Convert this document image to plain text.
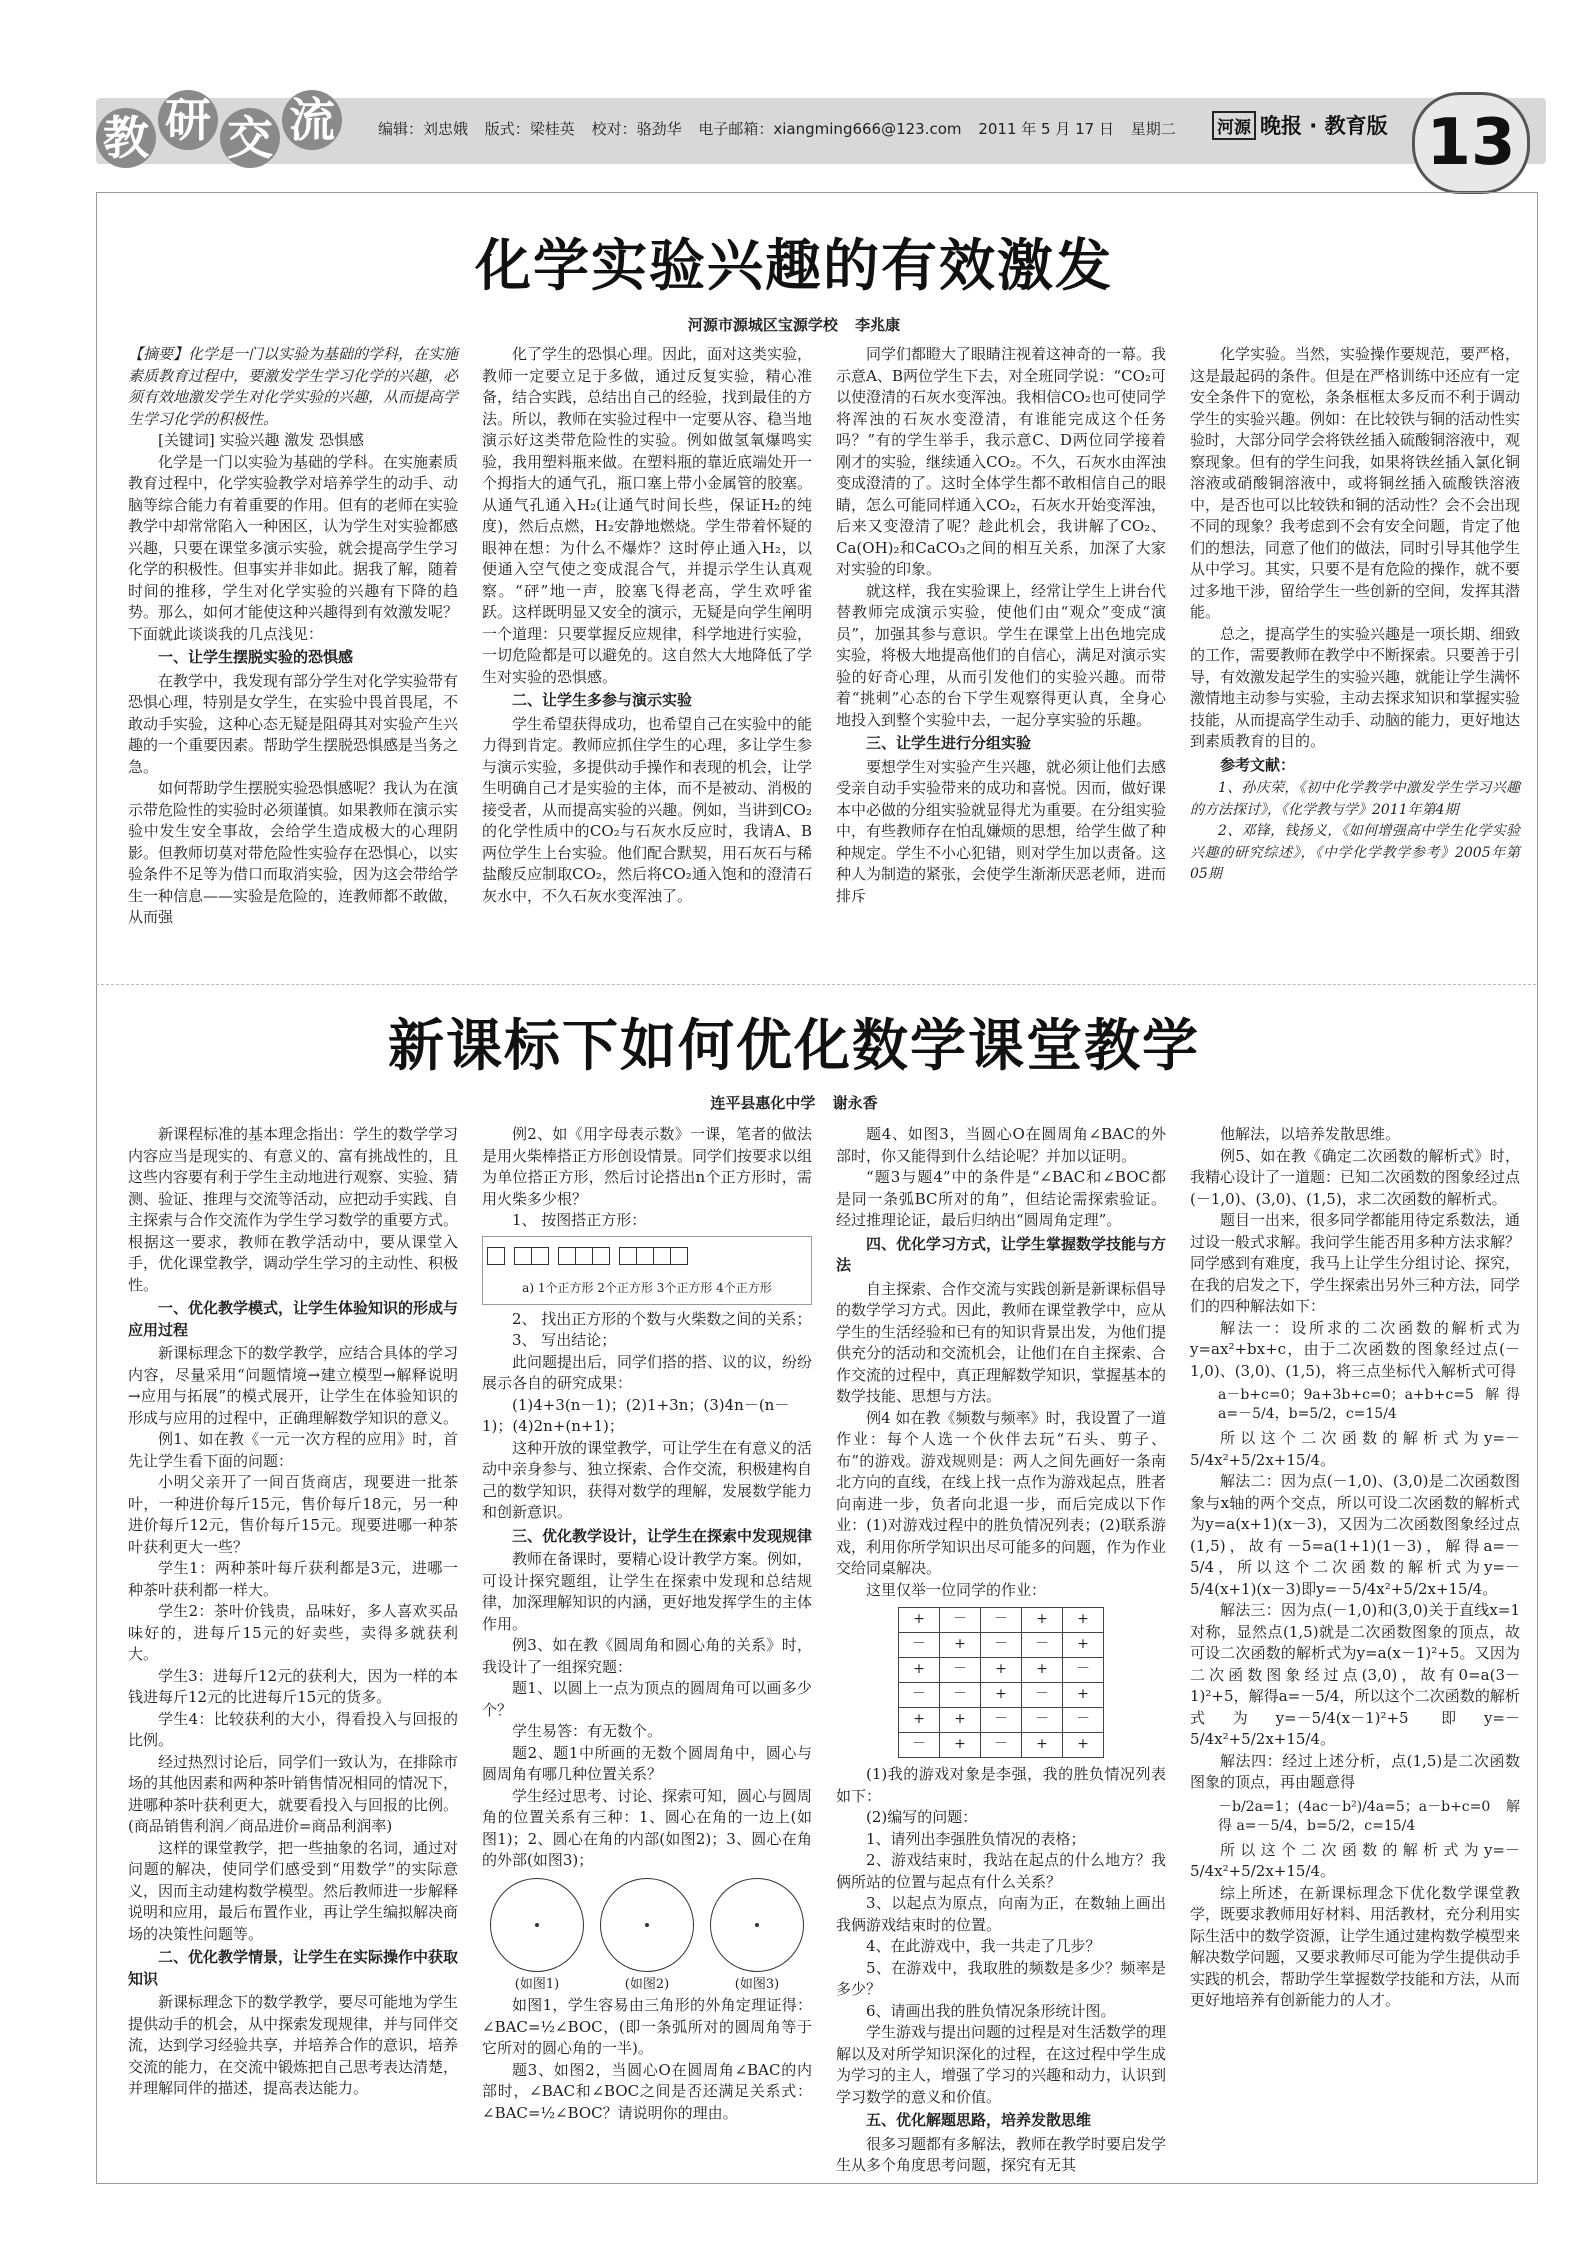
教 研 交 流	编辑：刘忠娥 版式：梁桂英 校对：骆劲华 电子邮箱：xiangming666@123.com 2011 年 5 月 17 日 星期二	河源 晚报 · 教育版 13
化学实验兴趣的有效激发
河源市源城区宝源学校 李兆康

【摘要】化学是一门以实验为基础的学科，在实施素质教育过程中，要激发学生学习化学的兴趣，必须有效地激发学生对化学实验的兴趣，从而提高学生学习化学的积极性。

[关键词] 实验兴趣 激发 恐惧感

化学是一门以实验为基础的学科。在实施素质教育过程中，化学实验教学对培养学生的动手、动脑等综合能力有着重要的作用。但有的老师在实验教学中却常常陷入一种困区，认为学生对实验都感兴趣，只要在课堂多演示实验，就会提高学生学习化学的积极性。但事实并非如此。据我了解，随着时间的推移，学生对化学实验的兴趣有下降的趋势。那么，如何才能使这种兴趣得到有效激发呢？下面就此谈谈我的几点浅见：

一、让学生摆脱实验的恐惧感

在教学中，我发现有部分学生对化学实验带有恐惧心理，特别是女学生，在实验中畏首畏尾，不敢动手实验，这种心态无疑是阻碍其对实验产生兴趣的一个重要因素。帮助学生摆脱恐惧感是当务之急。

如何帮助学生摆脱实验恐惧感呢？我认为在演示带危险性的实验时必须谨慎。如果教师在演示实验中发生安全事故，会给学生造成极大的心理阴影。但教师切莫对带危险性实验存在恐惧心，以实验条件不足等为借口而取消实验，因为这会带给学生一种信息——实验是危险的，连教师都不敢做，从而强

化了学生的恐惧心理。因此，面对这类实验，教师一定要立足于多做，通过反复实验，精心准备，结合实践，总结出自己的经验，找到最佳的方法。所以，教师在实验过程中一定要从容、稳当地演示好这类带危险性的实验。例如做氢氧爆鸣实验，我用塑料瓶来做。在塑料瓶的靠近底端处开一个拇指大的通气孔，瓶口塞上带小金属管的胶塞。从通气孔通入H₂(让通气时间长些，保证H₂的纯度)，然后点燃，H₂安静地燃烧。学生带着怀疑的眼神在想：为什么不爆炸？这时停止通入H₂，以便通入空气使之变成混合气，并提示学生认真观察。“砰”地一声，胶塞飞得老高，学生欢呼雀跃。这样既明显又安全的演示，无疑是向学生阐明一个道理：只要掌握反应规律，科学地进行实验，一切危险都是可以避免的。这自然大大地降低了学生对实验的恐惧感。

二、让学生多参与演示实验

学生希望获得成功，也希望自己在实验中的能力得到肯定。教师应抓住学生的心理，多让学生参与演示实验，多提供动手操作和表现的机会，让学生明确自己才是实验的主体，而不是被动、消极的接受者，从而提高实验的兴趣。例如，当讲到CO₂的化学性质中的CO₂与石灰水反应时，我请A、B两位学生上台实验。他们配合默契，用石灰石与稀盐酸反应制取CO₂，然后将CO₂通入饱和的澄清石灰水中，不久石灰水变浑浊了。

同学们都瞪大了眼睛注视着这神奇的一幕。我示意A、B两位学生下去，对全班同学说：“CO₂可以使澄清的石灰水变浑浊。我相信CO₂也可使同学将浑浊的石灰水变澄清，有谁能完成这个任务吗？”有的学生举手，我示意C、D两位同学接着刚才的实验，继续通入CO₂。不久，石灰水由浑浊变成澄清的了。这时全体学生都不敢相信自己的眼睛，怎么可能同样通入CO₂，石灰水开始变浑浊，后来又变澄清了呢？趁此机会，我讲解了CO₂、Ca(OH)₂和CaCO₃之间的相互关系，加深了大家对实验的印象。

就这样，我在实验课上，经常让学生上讲台代替教师完成演示实验，使他们由“观众”变成“演员”，加强其参与意识。学生在课堂上出色地完成实验，将极大地提高他们的自信心，满足对演示实验的好奇心理，从而引发他们的实验兴趣。而带着“挑刺”心态的台下学生观察得更认真，全身心地投入到整个实验中去，一起分享实验的乐趣。

三、让学生进行分组实验

要想学生对实验产生兴趣，就必须让他们去感受亲自动手实验带来的成功和喜悦。因而，做好课本中必做的分组实验就显得尤为重要。在分组实验中，有些教师存在怕乱嫌烦的思想，给学生做了种种规定。学生不小心犯错，则对学生加以责备。这种人为制造的紧张，会使学生渐渐厌恶老师，进而排斥

化学实验。当然，实验操作要规范，要严格，这是最起码的条件。但是在严格训练中还应有一定安全条件下的宽松，条条框框太多反而不利于调动学生的实验兴趣。例如：在比较铁与铜的活动性实验时，大部分同学会将铁丝插入硫酸铜溶液中，观察现象。但有的学生问我，如果将铁丝插入氯化铜溶液或硝酸铜溶液中，或将铜丝插入硫酸铁溶液中，是否也可以比较铁和铜的活动性？会不会出现不同的现象？我考虑到不会有安全问题，肯定了他们的想法，同意了他们的做法，同时引导其他学生从中学习。其实，只要不是有危险的操作，就不要过多地干涉，留给学生一些创新的空间，发挥其潜能。

总之，提高学生的实验兴趣是一项长期、细致的工作，需要教师在教学中不断探索。只要善于引导，有效激发起学生的实验兴趣，就能让学生满怀激情地主动参与实验，主动去探求知识和掌握实验技能，从而提高学生动手、动脑的能力，更好地达到素质教育的目的。

参考文献：

1、孙庆荣，《初中化学教学中激发学生学习兴趣的方法探讨》，《化学教与学》2011年第4期

2、邓锋，钱扬义，《如何增强高中学生化学实验兴趣的研究综述》，《中学化学教学参考》2005年第05期

新课标下如何优化数学课堂教学
连平县惠化中学 谢永香

新课程标准的基本理念指出：学生的数学学习内容应当是现实的、有意义的、富有挑战性的，且这些内容要有利于学生主动地进行观察、实验、猜测、验证、推理与交流等活动，应把动手实践、自主探索与合作交流作为学生学习数学的重要方式。根据这一要求，教师在教学活动中，要从课堂入手，优化课堂教学，调动学生学习的主动性、积极性。

一、优化教学模式，让学生体验知识的形成与应用过程

新课标理念下的数学教学，应结合具体的学习内容，尽量采用“问题情境→建立模型→解释说明→应用与拓展”的模式展开，让学生在体验知识的形成与应用的过程中，正确理解数学知识的意义。

例1、如在教《一元一次方程的应用》时，首先让学生看下面的问题：

小明父亲开了一间百货商店，现要进一批茶叶，一种进价每斤15元，售价每斤18元，另一种进价每斤12元，售价每斤15元。现要进哪一种茶叶获利更大一些？

学生1：两种茶叶每斤获利都是3元，进哪一种茶叶获利都一样大。

学生2：茶叶价钱贵，品味好，多人喜欢买品味好的，进每斤15元的好卖些，卖得多就获利大。

学生3：进每斤12元的获利大，因为一样的本钱进每斤12元的比进每斤15元的货多。

学生4：比较获利的大小，得看投入与回报的比例。

经过热烈讨论后，同学们一致认为，在排除市场的其他因素和两种茶叶销售情况相同的情况下，进哪种茶叶获利更大，就要看投入与回报的比例。(商品销售利润／商品进价=商品利润率)

这样的课堂教学，把一些抽象的名词，通过对问题的解决，使同学们感受到“用数学”的实际意义，因而主动建构数学模型。然后教师进一步解释说明和应用，最后布置作业，再让学生编拟解决商场的决策性问题等。

二、优化教学情景，让学生在实际操作中获取知识

新课标理念下的数学教学，要尽可能地为学生提供动手的机会，从中探索发现规律，并与同伴交流，达到学习经验共享，并培养合作的意识，培养交流的能力，在交流中锻炼把自己思考表达清楚，并理解同伴的描述，提高表达能力。

例2、如《用字母表示数》一课，笔者的做法是用火柴棒搭正方形创设情景。同学们按要求以组为单位搭正方形，然后讨论搭出n个正方形时，需用火柴多少根？

1、 按图搭正方形：

a) 1个正方形 2个正方形 3个正方形 4个正方形

2、 找出正方形的个数与火柴数之间的关系；

3、 写出结论；

此问题提出后，同学们搭的搭、议的议，纷纷展示各自的研究成果：

(1)4+3(n－1)；(2)1+3n；(3)4n－(n－1)；(4)2n+(n+1)；

这种开放的课堂教学，可让学生在有意义的活动中亲身参与、独立探索、合作交流，积极建构自己的数学知识，获得对数学的理解，发展数学能力和创新意识。

三、优化教学设计，让学生在探索中发现规律

教师在备课时，要精心设计教学方案。例如，可设计探究题组，让学生在探索中发现和总结规律，加深理解知识的内涵，更好地发挥学生的主体作用。

例3、如在教《圆周角和圆心角的关系》时，我设计了一组探究题：

题1、以圆上一点为顶点的圆周角可以画多少个？

学生易答：有无数个。

题2、题1中所画的无数个圆周角中，圆心与圆周角有哪几种位置关系？

学生经过思考、讨论、探索可知，圆心与圆周角的位置关系有三种：1、圆心在角的一边上(如图1)；2、圆心在角的内部(如图2)；3、圆心在角的外部(如图3)；

(如图1)	(如图2)	(如图3)

如图1，学生容易由三角形的外角定理证得：∠BAC=½∠BOC，(即一条弧所对的圆周角等于它所对的圆心角的一半)。

题3、如图2，当圆心O在圆周角∠BAC的内部时，∠BAC和∠BOC之间是否还满足关系式：∠BAC=½∠BOC？请说明你的理由。

题4、如图3，当圆心O在圆周角∠BAC的外部时，你又能得到什么结论呢？并加以证明。

“题3与题4”中的条件是“∠BAC和∠BOC都是同一条弧BC所对的角”，但结论需探索验证。经过推理论证，最后归纳出“圆周角定理”。

四、优化学习方式，让学生掌握数学技能与方法

自主探索、合作交流与实践创新是新课标倡导的数学学习方式。因此，教师在课堂教学中，应从学生的生活经验和已有的知识背景出发，为他们提供充分的活动和交流机会，让他们在自主探索、合作交流的过程中，真正理解数学知识，掌握基本的数学技能、思想与方法。

例4 如在教《频数与频率》时，我设置了一道作业：每个人选一个伙伴去玩“石头、剪子、布”的游戏。游戏规则是：两人之间先画好一条南北方向的直线，在线上找一点作为游戏起点，胜者向南进一步，负者向北退一步，而后完成以下作业：(1)对游戏过程中的胜负情况列表；(2)联系游戏，利用你所学知识出尽可能多的问题，作为作业交给同桌解决。

这里仅举一位同学的作业：

+	－	－	+	+
－	+	－	－	+
+	－	+	+	－
－	－	+	－	+
+	+	－	－	－
－	+	－	+	+

(1)我的游戏对象是李强，我的胜负情况列表如下：

(2)编写的问题：

1、请列出李强胜负情况的表格；

2、游戏结束时，我站在起点的什么地方？我俩所站的位置与起点有什么关系？

3、以起点为原点，向南为正，在数轴上画出我俩游戏结束时的位置。

4、在此游戏中，我一共走了几步？

5、在游戏中，我取胜的频数是多少？频率是多少？

6、请画出我的胜负情况条形统计图。

学生游戏与提出问题的过程是对生活数学的理解以及对所学知识深化的过程，在这过程中学生成为学习的主人，增强了学习的兴趣和动力，认识到学习数学的意义和价值。

五、优化解题思路，培养发散思维

很多习题都有多解法，教师在教学时要启发学生从多个角度思考问题，探究有无其

他解法，以培养发散思维。

例5、如在教《确定二次函数的解析式》时，我精心设计了一道题：已知二次函数的图象经过点(－1,0)、(3,0)、(1,5)，求二次函数的解析式。

题目一出来，很多同学都能用待定系数法，通过设一般式求解。我问学生能否用多种方法求解？同学感到有难度，我马上让学生分组讨论、探究，在我的启发之下，学生探索出另外三种方法，同学们的四种解法如下：

解法一：设所求的二次函数的解析式为y=ax²+bx+c，由于二次函数的图象经过点(－1,0)、(3,0)、(1,5)，将三点坐标代入解析式可得

a－b+c=0；9a+3b+c=0；a+b+c=5 解得 a=－5/4，b=5/2，c=15/4

所以这个二次函数的解析式为y=－5/4x²+5/2x+15/4。

解法二：因为点(－1,0)、(3,0)是二次函数图象与x轴的两个交点，所以可设二次函数的解析式为y=a(x+1)(x－3)，又因为二次函数图象经过点(1,5)，故有－5=a(1+1)(1－3)，解得a=－5/4，所以这个二次函数的解析式为y=－5/4(x+1)(x－3)即y=－5/4x²+5/2x+15/4。

解法三：因为点(－1,0)和(3,0)关于直线x=1对称，显然点(1,5)就是二次函数图象的顶点，故可设二次函数的解析式为y=a(x－1)²+5。又因为二次函数图象经过点(3,0)，故有0=a(3－1)²+5，解得a=－5/4，所以这个二次函数的解析式为y=－5/4(x－1)²+5 即y=－5/4x²+5/2x+15/4。

解法四：经过上述分析，点(1,5)是二次函数图象的顶点，再由题意得

－b/2a=1；(4ac－b²)/4a=5；a－b+c=0 解得 a=－5/4，b=5/2，c=15/4

所以这个二次函数的解析式为y=－5/4x²+5/2x+15/4。

综上所述，在新课标理念下优化数学课堂教学，既要求教师用好材料、用活教材，充分利用实际生活中的数学资源，让学生通过建构数学模型来解决数学问题，又要求教师尽可能为学生提供动手实践的机会，帮助学生掌握数学技能和方法，从而更好地培养有创新能力的人才。
